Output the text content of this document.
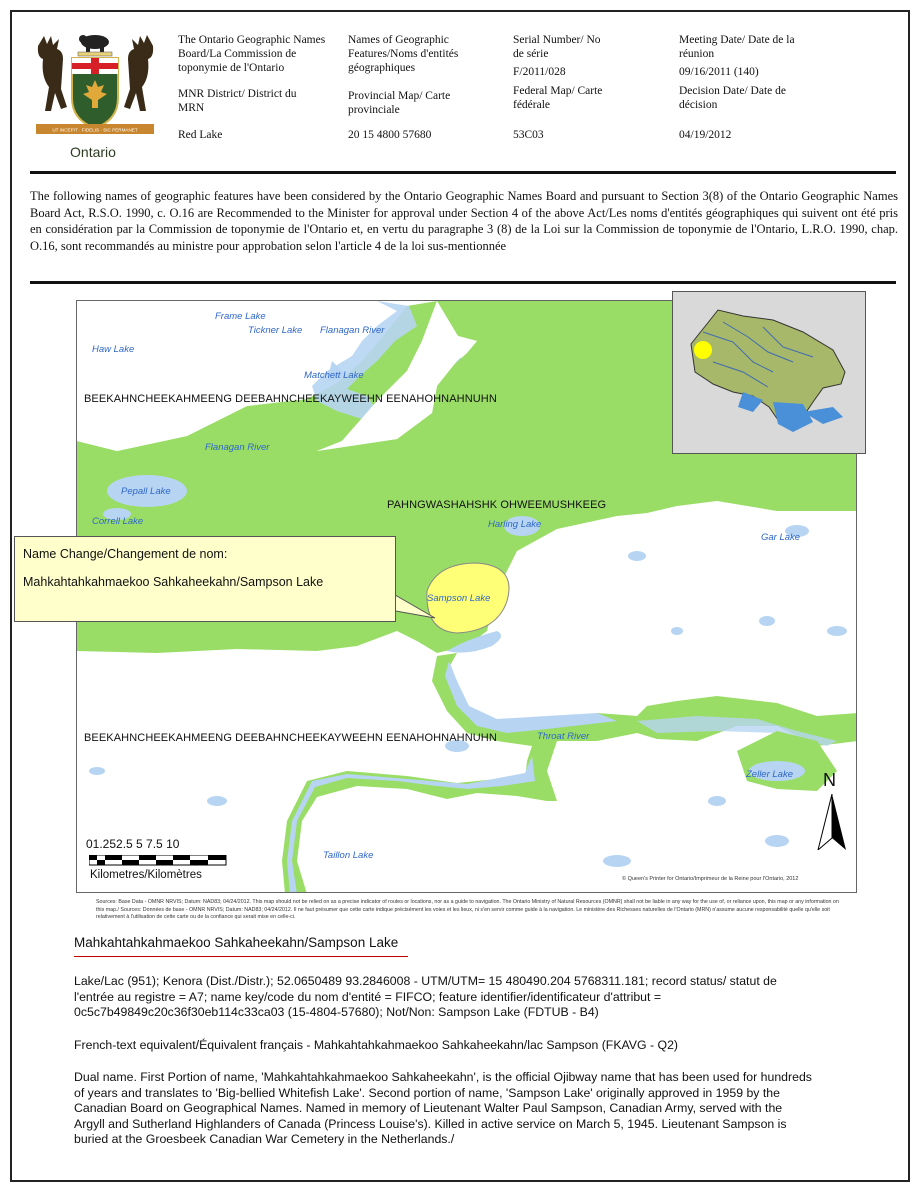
UT INCEPIT · FIDELIS · SIC PERMANET
Ontario
The Ontario Geographic Names Board/La Commission de toponymie de l'Ontario
MNR District/ District du MRN
Red Lake
Names of Geographic Features/Noms d'entités géographiques
Provincial Map/ Carte provinciale
20 15 4800 57680
Serial Number/ No de série
F/2011/028
Federal Map/ Carte fédérale
53C03
Meeting Date/ Date de la réunion
09/16/2011 (140)
Decision Date/ Date de décision
04/19/2012
The following names of geographic features have been considered by the Ontario Geographic Names Board and pursuant to Section 3(8) of the Ontario Geographic Names Board Act, R.S.O. 1990, c. O.16 are Recommended to the Minister for approval under Section 4 of the above Act/Les noms d'entités géographiques qui suivent ont été pris en considération par la Commission de toponymie de l'Ontario et, en vertu du paragraphe 3 (8) de la Loi sur la Commission de toponymie de l'Ontario, L.R.O. 1990, chap. O.16, sont recommandés au ministre pour approbation selon l'article 4 de la loi sus-mentionnée
Frame Lake
Tickner Lake Flanagan River
Haw Lake
Matchett Lake
BEEKAHNCHEEKAHMEENG DEEBAHNCHEEKAYWEEHN EENAHOHNAHNUHN
Flanagan River
Pepall Lake
PAHNGWASHAHSHK OHWEEMUSHKEEG
Correll Lake	Harling Lake
Gar Lake
Sampson Lake
BEEKAHNCHEEKAHMEENG DEEBAHNCHEEKAYWEEHN EENAHOHNAHNUHN	Throat River
Zeller Lake
Taillon Lake
Name Change/Changement de nom:
Mahkahtahkahmaekoo Sahkaheekahn/Sampson Lake
01.252.5 5 7.5 10
Kilometres/Kilomètres
N
© Queen's Printer for Ontario/Imprimeur de la Reine pour l'Ontario, 2012
Sources: Base Data - OMNR NRVIS; Datum: NAD83; 04/24/2012. This map should not be relied on as a precise indicator of routes or locations, nor as a guide to navigation. The Ontario Ministry of Natural Resources (OMNR) shall not be liable in any way for the use of, or reliance upon, this map or any information on this map./ Sources: Données de base - OMNR NRVIS; Datum: NAD83; 04/24/2012. Il ne faut présumer que cette carte indique précisément les voies et les lieux, ni s'en servir comme guide à la navigation. Le ministère des Richesses naturelles de l'Ontario (MRN) n'assume aucune responsabilité quelle qu'elle soit relativement à l'utilisation de cette carte ou de la confiance qui serait mise en celle-ci.
Mahkahtahkahmaekoo Sahkaheekahn/Sampson Lake
Lake/Lac (951); Kenora (Dist./Distr.); 52.0650489 93.2846008 - UTM/UTM= 15 480490.204 5768311.181; record status/ statut de l'entrée au registre = A7; name key/code du nom d'entité = FIFCO; feature identifier/identificateur d'attribut = 0c5c7b49849c20c36f30eb114c33ca03 (15-4804-57680); Not/Non: Sampson Lake (FDTUB - B4)
French-text equivalent/Équivalent français - Mahkahtahkahmaekoo Sahkaheekahn/lac Sampson (FKAVG - Q2)
Dual name. First Portion of name, 'Mahkahtahkahmaekoo Sahkaheekahn', is the official Ojibway name that has been used for hundreds of years and translates to 'Big-bellied Whitefish Lake'. Second portion of name, 'Sampson Lake' originally approved in 1959 by the Canadian Board on Geographical Names. Named in memory of Lieutenant Walter Paul Sampson, Canadian Army, served with the Argyll and Sutherland Highlanders of Canada (Princess Louise's). Killed in active service on March 5, 1945. Lieutenant Sampson is buried at the Groesbeek Canadian War Cemetery in the Netherlands./
